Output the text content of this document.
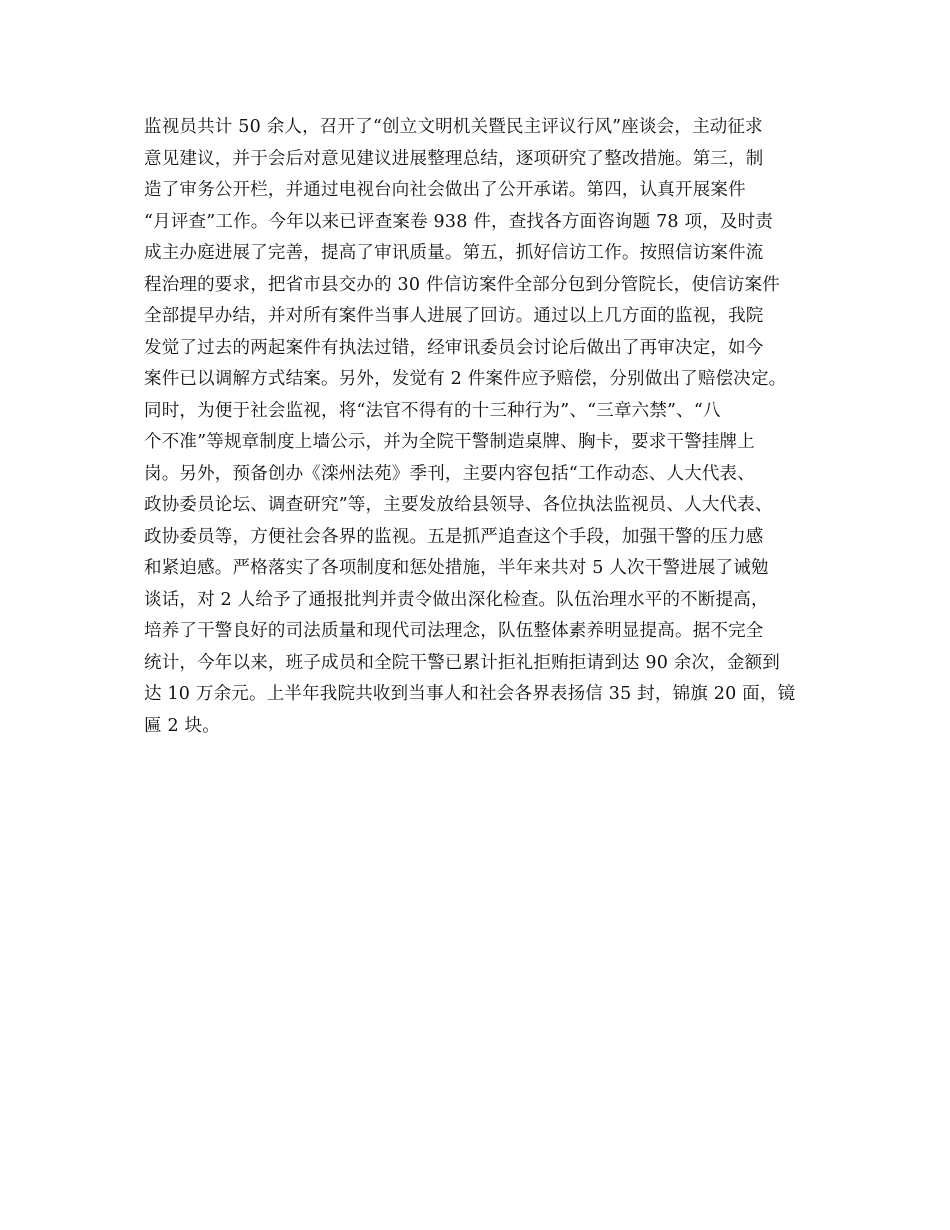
监视员共计 50 余人，召开了“创立文明机关暨民主评议行风”座谈会，主动征求
意见建议，并于会后对意见建议进展整理总结，逐项研究了整改措施。第三，制
造了审务公开栏，并通过电视台向社会做出了公开承诺。第四，认真开展案件
“月评查”工作。今年以来已评查案卷 938 件，查找各方面咨询题 78 项，及时责
成主办庭进展了完善，提高了审讯质量。第五，抓好信访工作。按照信访案件流
程治理的要求，把省市县交办的 30 件信访案件全部分包到分管院长，使信访案件
全部提早办结，并对所有案件当事人进展了回访。通过以上几方面的监视，我院
发觉了过去的两起案件有执法过错，经审讯委员会讨论后做出了再审决定，如今
案件已以调解方式结案。另外，发觉有 2 件案件应予赔偿，分别做出了赔偿决定。
同时，为便于社会监视，将“法官不得有的十三种行为”、“三章六禁”、“八
个不准”等规章制度上墙公示，并为全院干警制造桌牌、胸卡，要求干警挂牌上
岗。另外，预备创办《滦州法苑》季刊，主要内容包括“工作动态、人大代表、
政协委员论坛、调查研究”等，主要发放给县领导、各位执法监视员、人大代表、
政协委员等，方便社会各界的监视。五是抓严追查这个手段，加强干警的压力感
和紧迫感。严格落实了各项制度和惩处措施，半年来共对 5 人次干警进展了诫勉
谈话，对 2 人给予了通报批判并责令做出深化检查。队伍治理水平的不断提高，
培养了干警良好的司法质量和现代司法理念，队伍整体素养明显提高。据不完全
统计，今年以来，班子成员和全院干警已累计拒礼拒贿拒请到达 90 余次，金额到
达 10 万余元。上半年我院共收到当事人和社会各界表扬信 35 封，锦旗 20 面，镜
匾 2 块。
